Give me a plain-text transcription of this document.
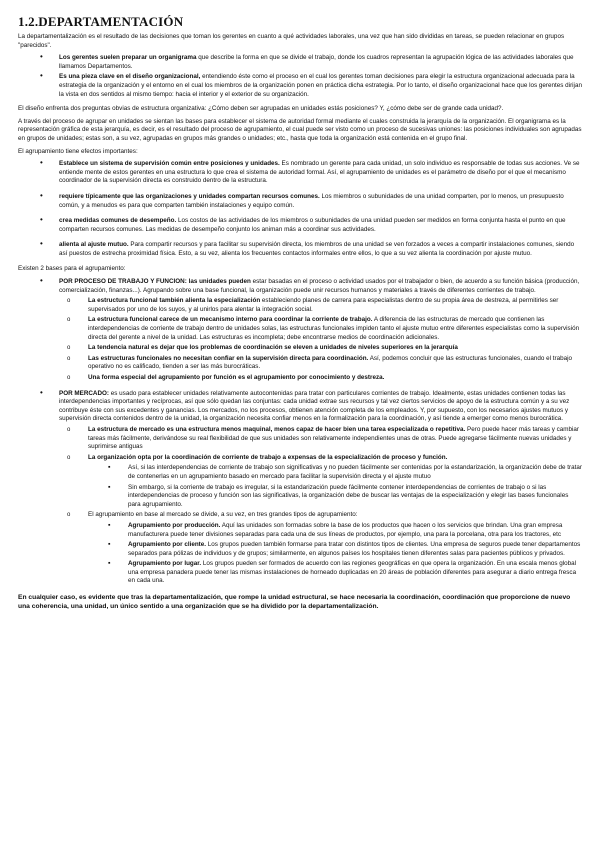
1.2.DEPARTAMENTACIÓN

La departamentalización es el resultado de las decisiones que toman los gerentes en cuanto a qué actividades laborales, una vez que han sido divididas en tareas, se pueden relacionar en grupos "parecidos".

• Los gerentes suelen preparar un organigrama que describe la forma en que se divide el trabajo, donde los cuadros representan la agrupación lógica de las actividades laborales que llamamos Departamentos.
• Es una pieza clave en el diseño organizacional, entendiendo éste como el proceso en el cual los gerentes toman decisiones para elegir la estructura organizacional adecuada para la estrategia de la organización y el entorno en el cual los miembros de la organización ponen en práctica dicha estrategia. Por lo tanto, el diseño organizacional hace que los gerentes dirijan la vista en dos sentidos al mismo tiempo: hacia el interior y el exterior de su organización.

El diseño enfrenta dos preguntas obvias de estructura organizativa: ¿Cómo deben ser agrupadas en unidades estás posiciones? Y, ¿cómo debe ser de grande cada unidad?.

A través del proceso de agrupar en unidades se sientan las bases para establecer el sistema de autoridad formal mediante el cuales construida la jerarquía de la organización. El organigrama es la representación gráfica de esta jerarquía, es decir, es el resultado del proceso de agrupamiento, el cual puede ser visto como un proceso de sucesivas uniones: las posiciones individuales son agrupadas en grupos de unidades; estas son, a su vez, agrupadas en grupos más grandes o unidades; etc., hasta que toda la organización está contenida en el grupo final.

El agrupamiento tiene efectos importantes:

• Establece un sistema de supervisión común entre posiciones y unidades. Es nombrado un gerente para cada unidad, un solo individuo es responsable de todas sus acciones. Ve se entiende mente de estos gerentes en una estructura lo que crea el sistema de autoridad formal. Así, el agrupamiento de unidades es el parámetro de diseño por el que el mecanismo coordinador de la supervisión directa es construido dentro de la estructura.
• requiere típicamente que las organizaciones y unidades compartan recursos comunes. Los miembros o subunidades de una unidad comparten, por lo menos, un presupuesto común, y a menudos es para que comparten también instalaciones y equipo común.
• crea medidas comunes de desempeño. Los costos de las actividades de los miembros o subunidades de una unidad pueden ser medidos en forma conjunta hasta el punto en que comparten recursos comunes. Las medidas de desempeño conjunto los animan más a coordinar sus actividades.
• alienta al ajuste mutuo. Para compartir recursos y para facilitar su supervisión directa, los miembros de una unidad se ven forzados a veces a compartir instalaciones comunes, siendo así puestos de estrecha proximidad física. Esto, a su vez, alienta los frecuentes contactos informales entre ellos, lo que a su vez alienta la coordinación por ajuste mutuo.

Existen 2 bases para el agrupamiento:

• POR PROCESO DE TRABAJO Y FUNCION: las unidades pueden estar basadas en el proceso o actividad usados por el trabajador o bien, de acuerdo a su función básica (producción, comercialización, finanzas...). Agrupando sobre una base funcional, la organización puede unir recursos humanos y materiales a través de diferentes corrientes de trabajo.
o La estructura funcional también alienta la especialización estableciendo planes de carrera para especialistas dentro de su propia área de destreza, al permitirles ser supervisados por uno de los suyos, y al unirlos para alentar la integración social.
o La estructura funcional carece de un mecanismo interno para coordinar la corriente de trabajo. A diferencia de las estructuras de mercado que contienen las interdependencias de corriente de trabajo dentro de unidades solas, las estructuras funcionales impiden tanto el ajuste mutuo entre diferentes especialistas como la supervisión directa del gerente a nivel de la unidad. Las estructuras es incompleta; debe encontrarse medios de coordinación adicionales.
o La tendencia natural es dejar que los problemas de coordinación se eleven a unidades de niveles superiores en la jerarquía
o Las estructuras funcionales no necesitan confiar en la supervisión directa para coordinación. Así, podemos concluir que las estructuras funcionales, cuando el trabajo operativo no es calificado, tienden a ser las más burocráticas.
o Una forma especial del agrupamiento por función es el agrupamiento por conocimiento y destreza.
• POR MERCADO: es usado para establecer unidades relativamente autocontenidas para tratar con particulares corrientes de trabajo. Idealmente, estas unidades contienen todas las interdependencias importantes y recíprocas, así que sólo quedan las conjuntas: cada unidad extrae sus recursos y tal vez ciertos servicios de apoyo de la estructura común y a su vez contribuye éste con sus excedentes y ganancias. Los mercados, no los procesos, obtienen atención completa de los empleados. Y, por supuesto, con los necesarios ajustes mutuos y supervisión directa contenidos dentro de la unidad, la organización necesita confiar menos en la formalización para la coordinación, y así tiende a emerger como menos burocrática.
o La estructura de mercado es una estructura menos maquinal, menos capaz de hacer bien una tarea especializada o repetitiva. Pero puede hacer más tareas y cambiar tareas más fácilmente, derivándose su real flexibilidad de que sus unidades son relativamente independientes unas de otras. Puede agregarse fácilmente nuevas unidades y suprimirse antiguas
o La organización opta por la coordinación de corriente de trabajo a expensas de la especialización de proceso y función.
▪ Así, si las interdependencias de corriente de trabajo son significativas y no pueden fácilmente ser contenidas por la estandarización, la organización debe de tratar de contenerlas en un agrupamiento basado en mercado para facilitar la supervisión directa y el ajuste mutuo
▪ Sin embargo, si la corriente de trabajo es irregular, si la estandarización puede fácilmente contener interdependencias de corrientes de trabajo o si las interdependencias de proceso y función son las significativas, la organización debe de buscar las ventajas de la especialización y elegir las bases funcionales para agrupamiento.
o El agrupamiento en base al mercado se divide, a su vez, en tres grandes tipos de agrupamiento:
▪ Agrupamiento por producción. Aquí las unidades son formadas sobre la base de los productos que hacen o los servicios que brindan. Una gran empresa manufacturera puede tener divisiones separadas para cada una de sus líneas de productos, por ejemplo, una para la porcelana, otra para los tractores, etc
▪ Agrupamiento por cliente. Los grupos pueden también formarse para tratar con distintos tipos de clientes. Una empresa de seguros puede tener departamentos separados para pólizas de individuos y de grupos; similarmente, en algunos países los hospitales tienen diferentes salas para pacientes públicos y privados.
▪ Agrupamiento por lugar. Los grupos pueden ser formados de acuerdo con las regiones geográficas en que opera la organización. En una escala menos global una empresa panadera puede tener las mismas instalaciones de horneado duplicadas en 20 áreas de población diferentes para asegurar a diario entrega fresca en cada una.

En cualquier caso, es evidente que tras la departamentalización, que rompe la unidad estructural, se hace necesaria la coordinación, coordinación que proporcione de nuevo una coherencia, una unidad, un único sentido a una organización que se ha dividido por la departamentalización.
